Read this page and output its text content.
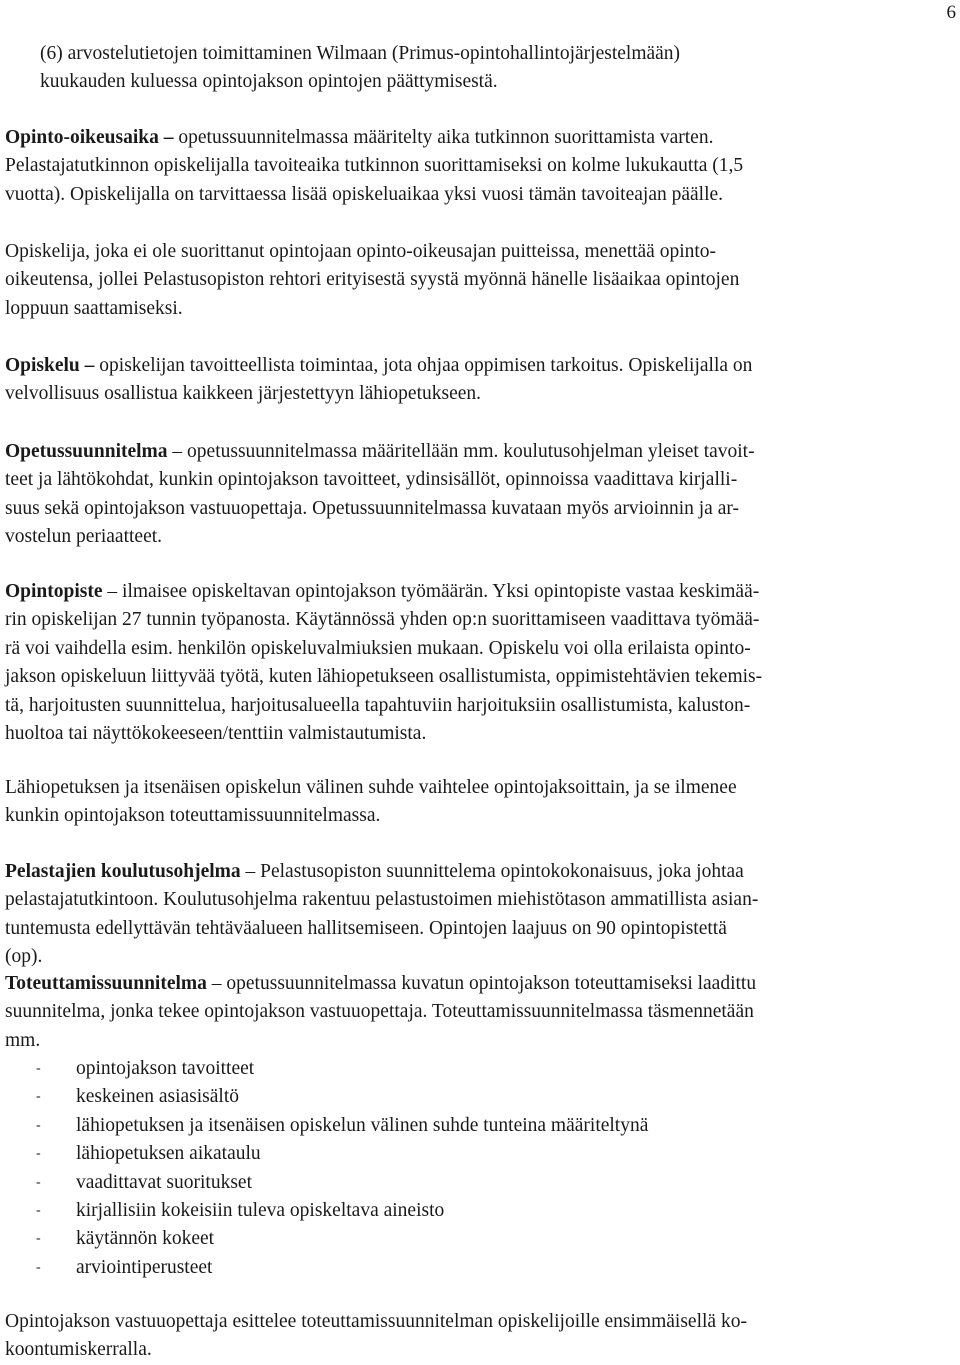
6
(6) arvostelutietojen toimittaminen Wilmaan (Primus-opintohallintojärjestelmään)
kuukauden kuluessa opintojakson opintojen päättymisestä.
Opinto-oikeusaika – opetussuunnitelmassa määritelty aika tutkinnon suorittamista varten.
Pelastajatutkinnon opiskelijalla tavoiteaika tutkinnon suorittamiseksi on kolme lukukautta (1,5
vuotta). Opiskelijalla on tarvittaessa lisää opiskeluaikaa yksi vuosi tämän tavoiteajan päälle.
Opiskelija, joka ei ole suorittanut opintojaan opinto-oikeusajan puitteissa, menettää opinto-
oikeutensa, jollei Pelastusopiston rehtori erityisestä syystä myönnä hänelle lisäaikaa opintojen
loppuun saattamiseksi.
Opiskelu – opiskelijan tavoitteellista toimintaa, jota ohjaa oppimisen tarkoitus. Opiskelijalla on
velvollisuus osallistua kaikkeen järjestettyyn lähiopetukseen.
Opetussuunnitelma – opetussuunnitelmassa määritellään mm. koulutusohjelman yleiset tavoit-
teet ja lähtökohdat, kunkin opintojakson tavoitteet, ydinsisällöt, opinnoissa vaadittava kirjalli-
suus sekä opintojakson vastuuopettaja. Opetussuunnitelmassa kuvataan myös arvioinnin ja ar-
vostelun periaatteet.
Opintopiste – ilmaisee opiskeltavan opintojakson työmäärän. Yksi opintopiste vastaa keskimää-
rin opiskelijan 27 tunnin työpanosta. Käytännössä yhden op:n suorittamiseen vaadittava työmää-
rä voi vaihdella esim. henkilön opiskeluvalmiuksien mukaan. Opiskelu voi olla erilaista opinto-
jakson opiskeluun liittyvää työtä, kuten lähiopetukseen osallistumista, oppimistehtävien tekemis-
tä, harjoitusten suunnittelua, harjoitusalueella tapahtuviin harjoituksiin osallistumista, kaluston-
huoltoa tai näyttökokeeseen/tenttiin valmistautumista.
Lähiopetuksen ja itsenäisen opiskelun välinen suhde vaihtelee opintojaksoittain, ja se ilmenee
kunkin opintojakson toteuttamissuunnitelmassa.
Pelastajien koulutusohjelma – Pelastusopiston suunnittelema opintokokonaisuus, joka johtaa
pelastajatutkintoon. Koulutusohjelma rakentuu pelastustoimen miehistötason ammatillista asian-
tuntemusta edellyttävän tehtäväalueen hallitsemiseen. Opintojen laajuus on 90 opintopistettä
(op).
Toteuttamissuunnitelma – opetussuunnitelmassa kuvatun opintojakson toteuttamiseksi laadittu
suunnitelma, jonka tekee opintojakson vastuuopettaja. Toteuttamissuunnitelmassa täsmennetään
mm.
-	opintojakson tavoitteet
-	keskeinen asiasisältö
-	lähiopetuksen ja itsenäisen opiskelun välinen suhde tunteina määriteltynä
-	lähiopetuksen aikataulu
-	vaadittavat suoritukset
-	kirjallisiin kokeisiin tuleva opiskeltava aineisto
-	käytännön kokeet
-	arviointiperusteet
Opintojakson vastuuopettaja esittelee toteuttamissuunnitelman opiskelijoille ensimmäisellä ko-
koontumiskerralla.
